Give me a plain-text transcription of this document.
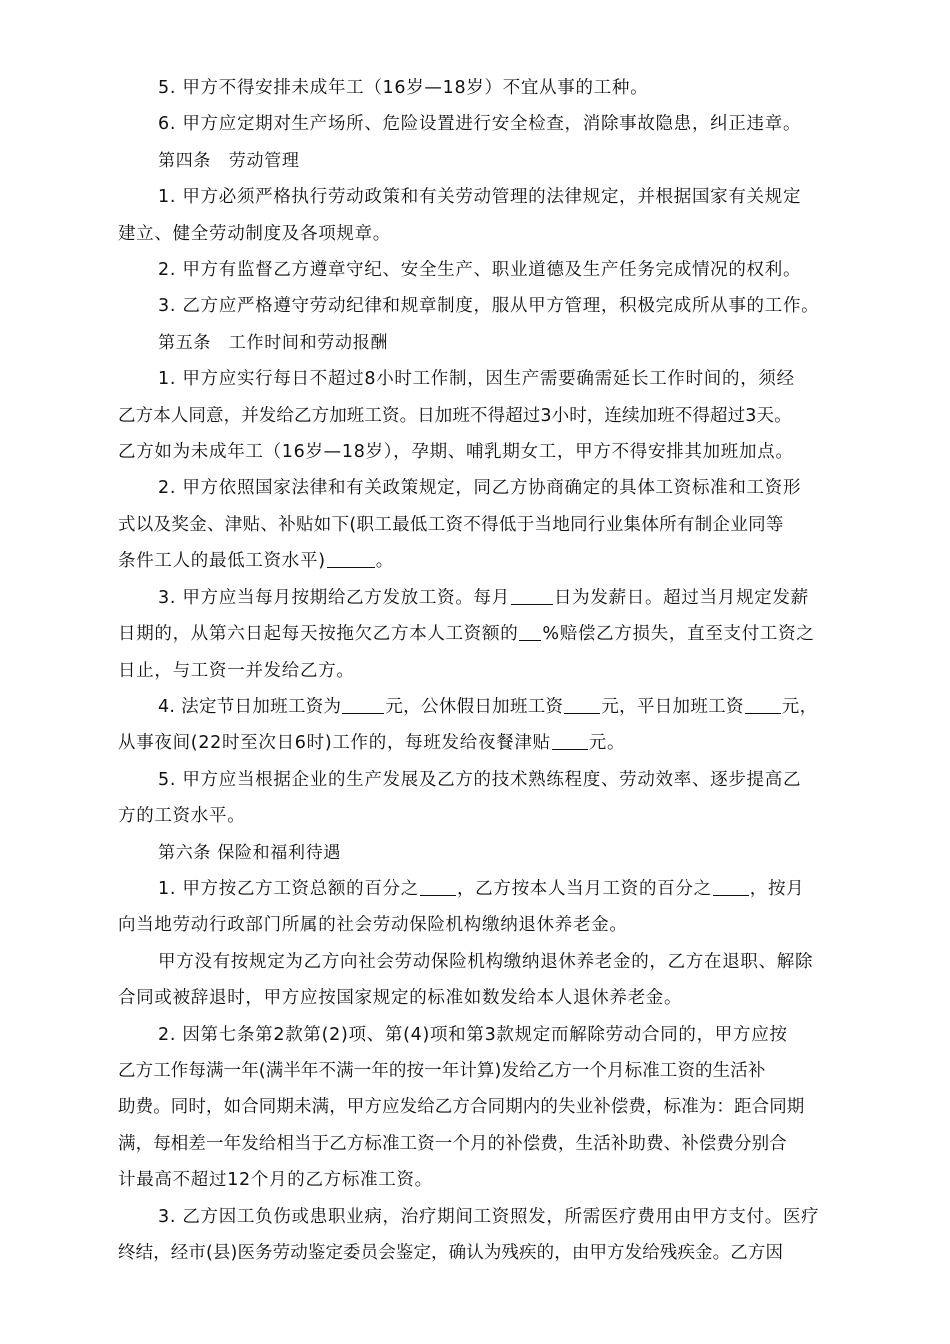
5. 甲方不得安排未成年工（16岁—18岁）不宜从事的工种。

6. 甲方应定期对生产场所、危险设置进行安全检查，消除事故隐患，纠正违章。

第四条　劳动管理

1. 甲方必须严格执行劳动政策和有关劳动管理的法律规定，并根据国家有关规定

建立、健全劳动制度及各项规章。

2. 甲方有监督乙方遵章守纪、安全生产、职业道德及生产任务完成情况的权利。

3. 乙方应严格遵守劳动纪律和规章制度，服从甲方管理，积极完成所从事的工作。

第五条　工作时间和劳动报酬

1. 甲方应实行每日不超过8小时工作制，因生产需要确需延长工作时间的，须经

乙方本人同意，并发给乙方加班工资。日加班不得超过3小时，连续加班不得超过3天。

乙方如为未成年工（16岁—18岁），孕期、哺乳期女工，甲方不得安排其加班加点。

2. 甲方依照国家法律和有关政策规定，同乙方协商确定的具体工资标准和工资形

式以及奖金、津贴、补贴如下(职工最低工资不得低于当地同行业集体所有制企业同等

条件工人的最低工资水平)	。

3. 甲方应当每月按期给乙方发放工资。每月	日为发薪日。超过当月规定发薪

日期的，从第六日起每天按拖欠乙方本人工资额的 %赔偿乙方损失，直至支付工资之

日止，与工资一并发给乙方。

4. 法定节日加班工资为	元，公休假日加班工资 元，平日加班工资 元，

从事夜间(22时至次日6时)工作的，每班发给夜餐津贴 元。

5. 甲方应当根据企业的生产发展及乙方的技术熟练程度、劳动效率、逐步提高乙

方的工资水平。

第六条 保险和福利待遇

1. 甲方按乙方工资总额的百分之 ，乙方按本人当月工资的百分之 ，按月

向当地劳动行政部门所属的社会劳动保险机构缴纳退休养老金。

甲方没有按规定为乙方向社会劳动保险机构缴纳退休养老金的，乙方在退职、解除

合同或被辞退时，甲方应按国家规定的标准如数发给本人退休养老金。

2. 因第七条第2款第(2)项、第(4)项和第3款规定而解除劳动合同的，甲方应按

乙方工作每满一年(满半年不满一年的按一年计算)发给乙方一个月标准工资的生活补

助费。同时，如合同期未满，甲方应发给乙方合同期内的失业补偿费，标准为：距合同期

满，每相差一年发给相当于乙方标准工资一个月的补偿费，生活补助费、补偿费分别合

计最高不超过12个月的乙方标准工资。

3. 乙方因工负伤或患职业病，治疗期间工资照发，所需医疗费用由甲方支付。医疗

终结，经市(县)医务劳动鉴定委员会鉴定，确认为残疾的，由甲方发给残疾金。乙方因
